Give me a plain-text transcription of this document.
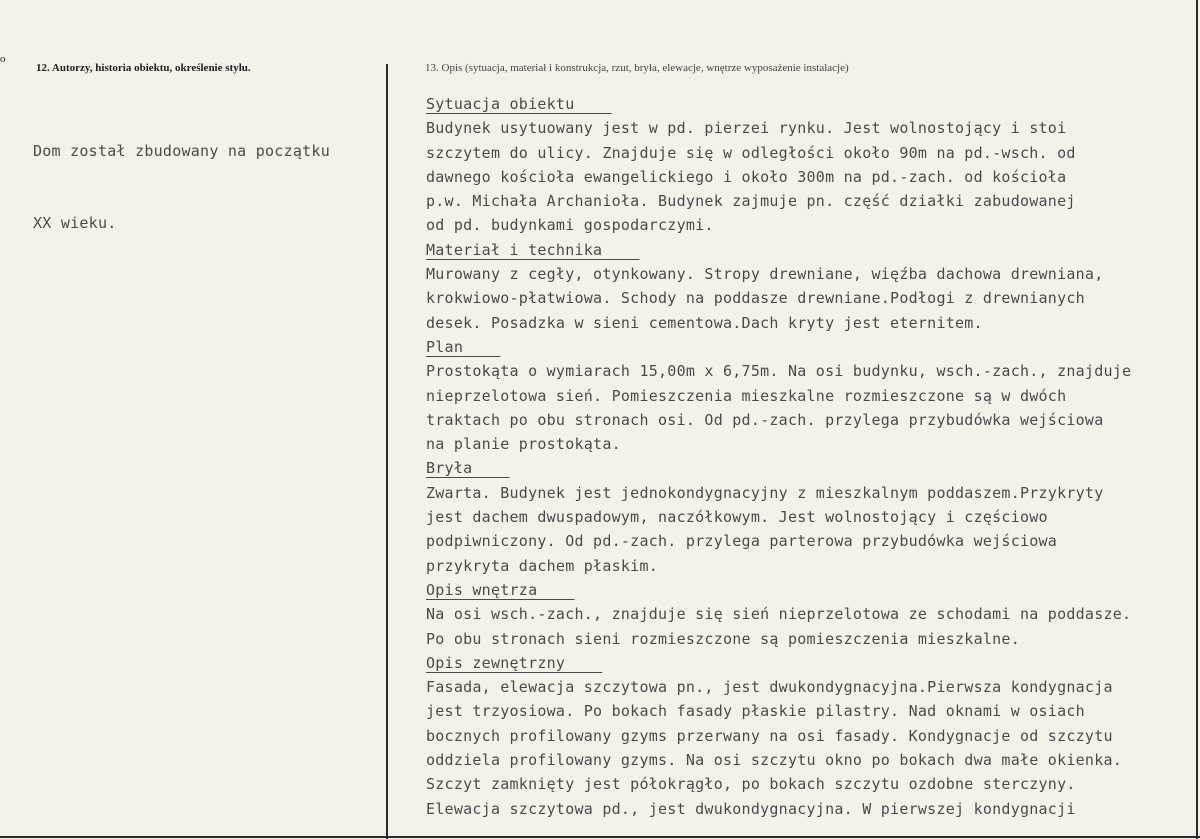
o
12. Autorzy, historia obiektu, określenie stylu.	13. Opis (sytuacja, materiał i konstrukcja, rzut, bryła, elewacje, wnętrze wyposażenie instalacje)

Dom został zbudowany na początku

XX wieku.

Sytuacja obiektu
Budynek usytuowany jest w pd. pierzei rynku. Jest wolnostojący i stoi
szczytem do ulicy. Znajduje się w odległości około 90m na pd.-wsch. od
dawnego kościoła ewangelickiego i około 300m na pd.-zach. od kościoła
p.w. Michała Archanioła. Budynek zajmuje pn. część działki zabudowanej
od pd. budynkami gospodarczymi.
Materiał i technika
Murowany z cegły, otynkowany. Stropy drewniane, więźba dachowa drewniana,
krokwiowo-płatwiowa. Schody na poddasze drewniane.Podłogi z drewnianych
desek. Posadzka w sieni cementowa.Dach kryty jest eternitem.
Plan
Prostokąta o wymiarach 15,00m x 6,75m. Na osi budynku, wsch.-zach., znajduje
nieprzelotowa sień. Pomieszczenia mieszkalne rozmieszczone są w dwóch
traktach po obu stronach osi. Od pd.-zach. przylega przybudówka wejściowa
na planie prostokąta.
Bryła
Zwarta. Budynek jest jednokondygnacyjny z mieszkalnym poddaszem.Przykryty
jest dachem dwuspadowym, naczółkowym. Jest wolnostojący i częściowo
podpiwniczony. Od pd.-zach. przylega parterowa przybudówka wejściowa
przykryta dachem płaskim.
Opis wnętrza
Na osi wsch.-zach., znajduje się sień nieprzelotowa ze schodami na poddasze.
Po obu stronach sieni rozmieszczone są pomieszczenia mieszkalne.
Opis zewnętrzny
Fasada, elewacja szczytowa pn., jest dwukondygnacyjna.Pierwsza kondygnacja
jest trzyosiowa. Po bokach fasady płaskie pilastry. Nad oknami w osiach
bocznych profilowany gzyms przerwany na osi fasady. Kondygnacje od szczytu
oddziela profilowany gzyms. Na osi szczytu okno po bokach dwa małe okienka.
Szczyt zamknięty jest półokrągło, po bokach szczytu ozdobne sterczyny.
Elewacja szczytowa pd., jest dwukondygnacyjna. W pierwszej kondygnacji
